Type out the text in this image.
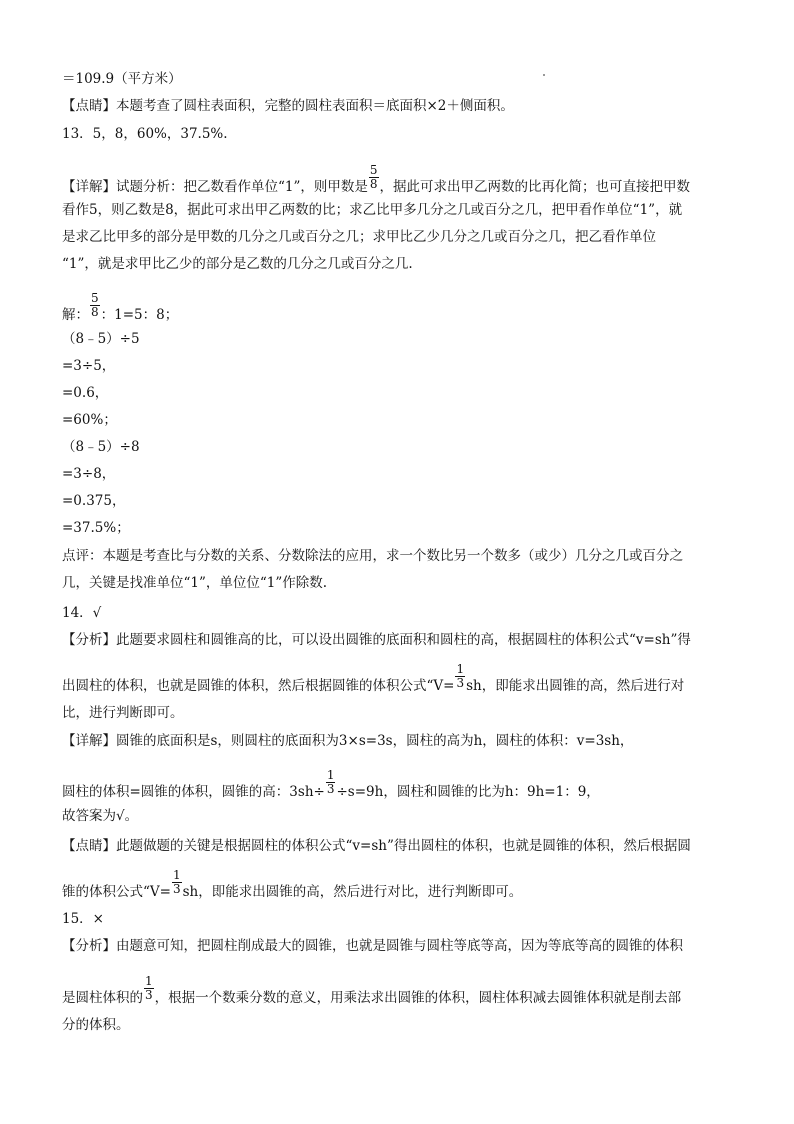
＝109.9（平方米）
【点睛】本题考查了圆柱表面积，完整的圆柱表面积＝底面积×2＋侧面积。
13．5，8，60%，37.5%.
【详解】试题分析：把乙数看作单位“1”，则甲数是 $\frac{5}{8}$ ，据此可求出甲乙两数的比再化简；也可直接把甲数
看作5，则乙数是8，据此可求出甲乙两数的比；求乙比甲多几分之几或百分之几，把甲看作单位“1”，就
是求乙比甲多的部分是甲数的几分之几或百分之几；求甲比乙少几分之几或百分之几，把乙看作单位
“1”，就是求甲比乙少的部分是乙数的几分之几或百分之几.
解： $\frac{5}{8}$ ：1=5：8；
（8﹣5）÷5
=3÷5，
=0.6，
=60%；
（8﹣5）÷8
=3÷8，
=0.375，
=37.5%；
点评：本题是考查比与分数的关系、分数除法的应用，求一个数比另一个数多（或少）几分之几或百分之
几，关键是找准单位“1”，单位位“1”作除数.
14．√
【分析】此题要求圆柱和圆锥高的比，可以设出圆锥的底面积和圆柱的高，根据圆柱的体积公式“v=sh”得
出圆柱的体积，也就是圆锥的体积，然后根据圆锥的体积公式“$V= \frac{1}{3}$ sh，即能求出圆锥的高，然后进行对
比，进行判断即可。
【详解】圆锥的底面积是s，则圆柱的底面积为3×s=3s，圆柱的高为h，圆柱的体积：v=3sh，
圆柱的体积=圆锥的体积，圆锥的高：$3sh\div \frac{1}{3} \div s=9h$，圆柱和圆锥的比为h：9h=1：9，
故答案为√。
【点睛】此题做题的关键是根据圆柱的体积公式“v=sh”得出圆柱的体积，也就是圆锥的体积，然后根据圆
锥的体积公式“$V= \frac{1}{3}$ sh，即能求出圆锥的高，然后进行对比，进行判断即可。
15．×
【分析】由题意可知，把圆柱削成最大的圆锥，也就是圆锥与圆柱等底等高，因为等底等高的圆锥的体积
是圆柱体积的 $\frac{1}{3}$ ，根据一个数乘分数的意义，用乘法求出圆锥的体积，圆柱体积减去圆锥体积就是削去部
分的体积。
